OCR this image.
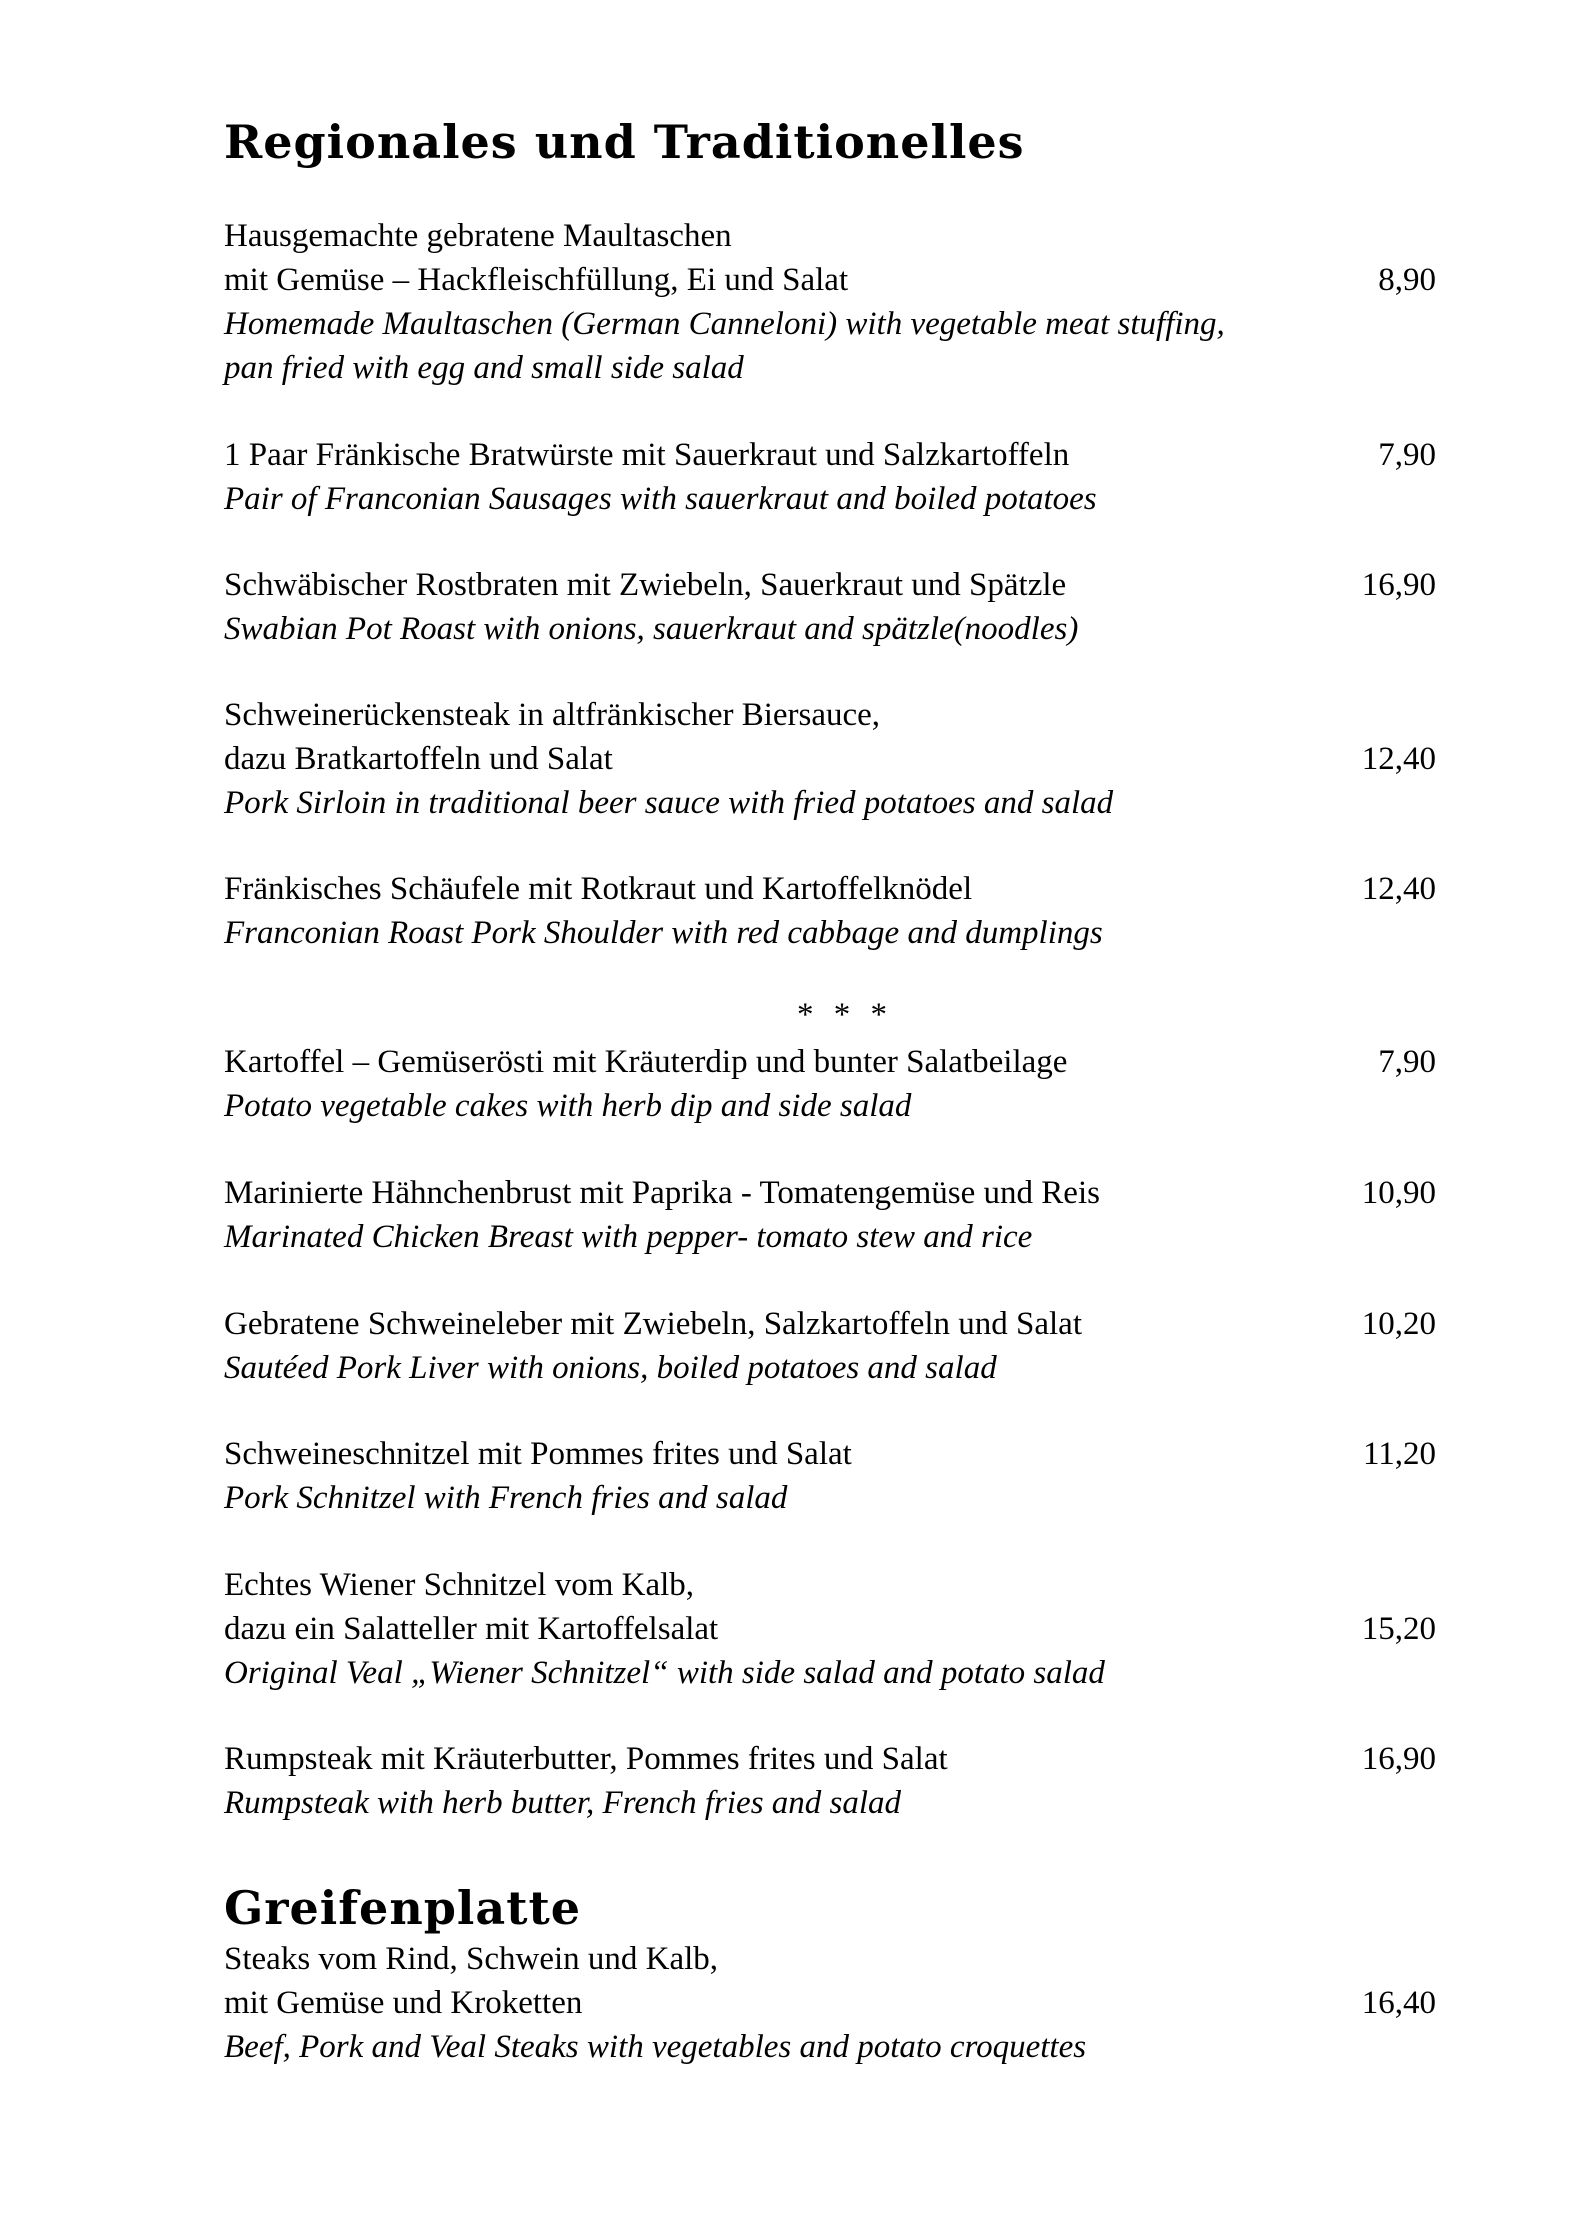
Regionales und Traditionelles
Hausgemachte gebratene Maultaschen
mit Gemüse – Hackfleischfüllung, Ei und Salat	8,90
Homemade Maultaschen (German Canneloni) with vegetable meat stuffing,
pan fried with egg and small side salad
1 Paar Fränkische Bratwürste mit Sauerkraut und Salzkartoffeln	7,90
Pair of Franconian Sausages with sauerkraut and boiled potatoes
Schwäbischer Rostbraten mit Zwiebeln, Sauerkraut und Spätzle	16,90
Swabian Pot Roast with onions, sauerkraut and spätzle(noodles)
Schweinerückensteak in altfränkischer Biersauce,
dazu Bratkartoffeln und Salat	12,40
Pork Sirloin in traditional beer sauce with fried potatoes and salad
Fränkisches Schäufele mit Rotkraut und Kartoffelknödel	12,40
Franconian Roast Pork Shoulder with red cabbage and dumplings
* * *
Kartoffel – Gemüserösti mit Kräuterdip und bunter Salatbeilage	7,90
Potato vegetable cakes with herb dip and side salad
Marinierte Hähnchenbrust mit Paprika - Tomatengemüse und Reis	10,90
Marinated Chicken Breast with pepper- tomato stew and rice
Gebratene Schweineleber mit Zwiebeln, Salzkartoffeln und Salat	10,20
Sautéed Pork Liver with onions, boiled potatoes and salad
Schweineschnitzel mit Pommes frites und Salat	11,20
Pork Schnitzel with French fries and salad
Echtes Wiener Schnitzel vom Kalb,
dazu ein Salatteller mit Kartoffelsalat	15,20
Original Veal „Wiener Schnitzel“ with side salad and potato salad
Rumpsteak mit Kräuterbutter, Pommes frites und Salat	16,90
Rumpsteak with herb butter, French fries and salad
Greifenplatte
Steaks vom Rind, Schwein und Kalb,
mit Gemüse und Kroketten	16,40
Beef, Pork and Veal Steaks with vegetables and potato croquettes
